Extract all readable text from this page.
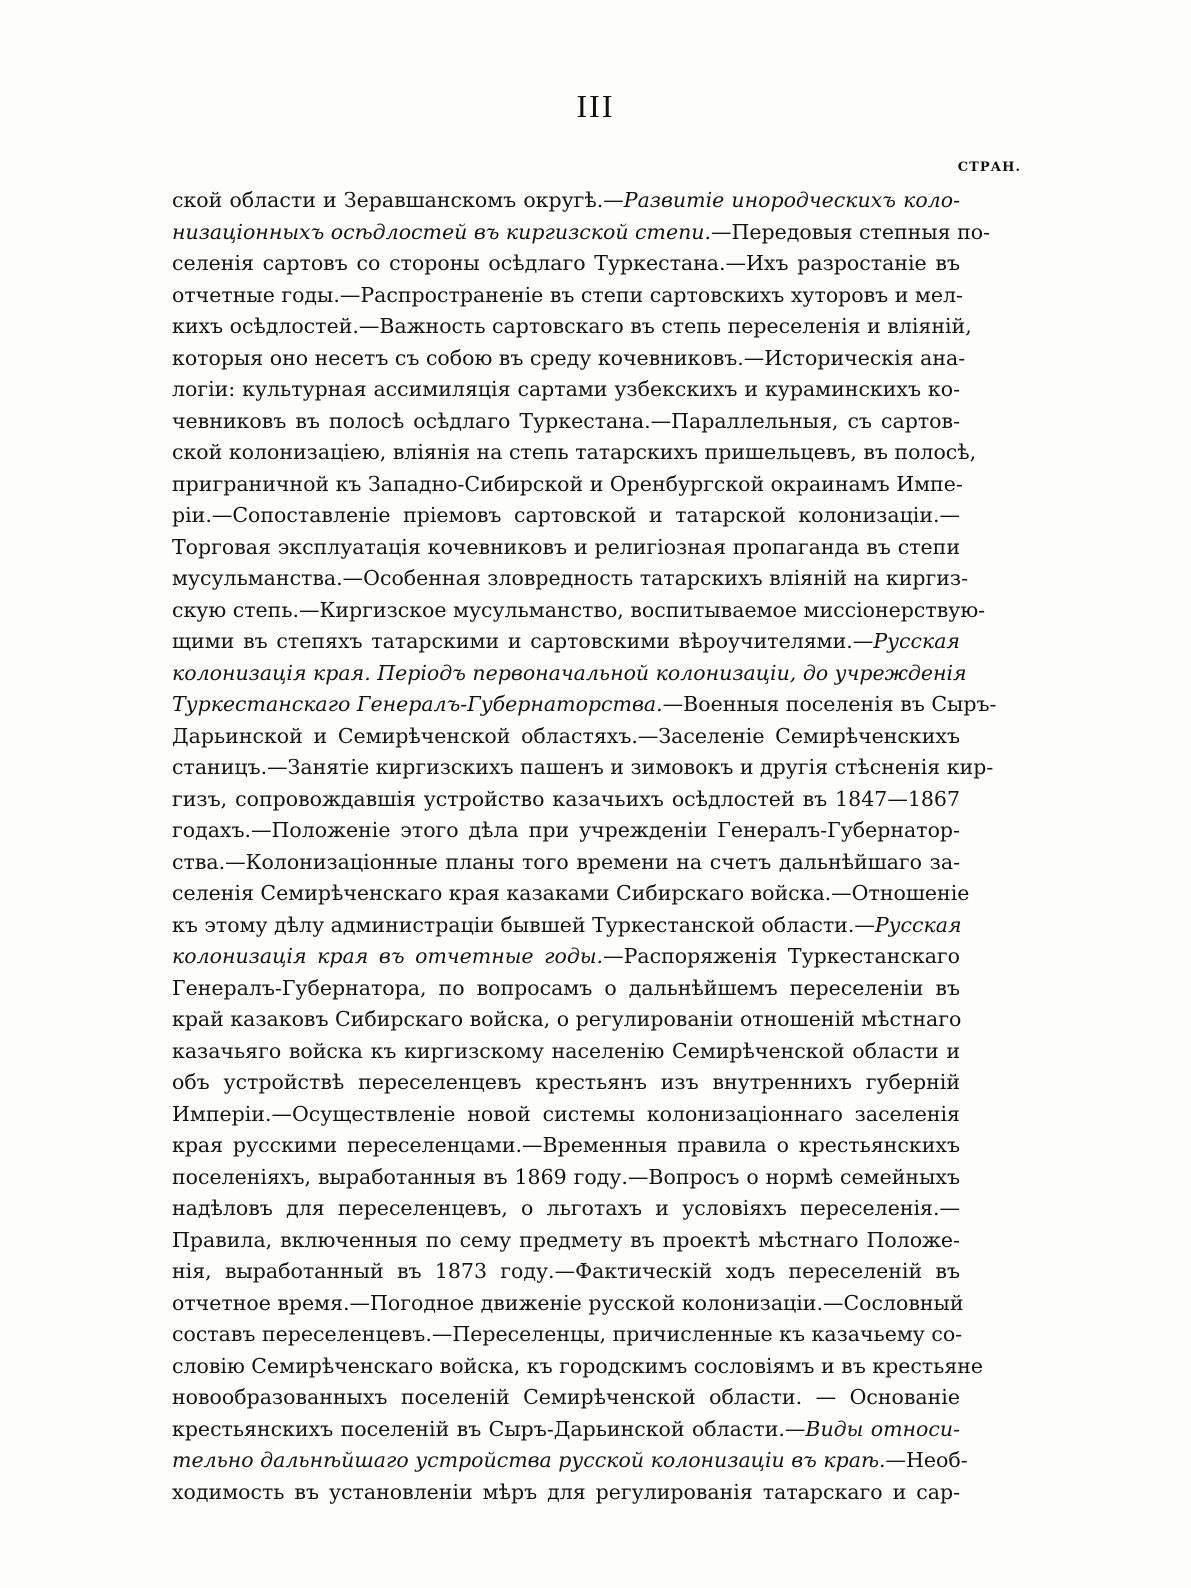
III
СТРАН.
ской области и Зеравшанскомъ округѣ.—Развитіе инородческихъ коло-
низаціонныхъ осѣдлостей въ киргизской степи.—Передовыя степныя по-
селенія сартовъ со стороны осѣдлаго Туркестана.—Ихъ разростаніе въ
отчетные годы.—Распространеніе въ степи сартовскихъ хуторовъ и мел-
кихъ осѣдлостей.—Важность сартовскаго въ степь переселенія и вліяній,
которыя оно несетъ съ собою въ среду кочевниковъ.—Историческія ана-
логіи: культурная ассимиляція сартами узбекскихъ и кураминскихъ ко-
чевниковъ въ полосѣ осѣдлаго Туркестана.—Параллельныя, съ сартов-
ской колонизаціею, вліянія на степь татарскихъ пришельцевъ, въ полосѣ,
приграничной къ Западно-Сибирской и Оренбургской окраинамъ Импе-
ріи.—Сопоставленіе пріемовъ сартовской и татарской колонизаціи.—
Торговая эксплуатація кочевниковъ и религіозная пропаганда въ степи
мусульманства.—Особенная зловредность татарскихъ вліяній на киргиз-
скую степь.—Киргизское мусульманство, воспитываемое миссіонерствую-
щими въ степяхъ татарскими и сартовскими вѣроучителями.—Русская
колонизація края. Періодъ первоначальной колонизаціи, до учрежденія
Туркестанскаго Генералъ-Губернаторства.—Военныя поселенія въ Сыръ-
Дарьинской и Семирѣченской областяхъ.—Заселеніе Семирѣченскихъ
станицъ.—Занятіе киргизскихъ пашенъ и зимовокъ и другія стѣсненія кир-
гизъ, сопровождавшія устройство казачьихъ осѣдлостей въ 1847—1867
годахъ.—Положеніе этого дѣла при учрежденіи Генералъ-Губернатор-
ства.—Колонизаціонные планы того времени на счетъ дальнѣйшаго за-
селенія Семирѣченскаго края казаками Сибирскаго войска.—Отношеніе
къ этому дѣлу администраціи бывшей Туркестанской области.—Русская
колонизація края въ отчетные годы.—Распоряженія Туркестанскаго
Генералъ-Губернатора, по вопросамъ о дальнѣйшемъ переселеніи въ
край казаковъ Сибирскаго войска, о регулированіи отношеній мѣстнаго
казачьяго войска къ киргизскому населенію Семирѣченской области и
объ устройствѣ переселенцевъ крестьянъ изъ внутреннихъ губерній
Имперіи.—Осуществленіе новой системы колонизаціоннаго заселенія
края русскими переселенцами.—Временныя правила о крестьянскихъ
поселеніяхъ, выработанныя въ 1869 году.—Вопросъ о нормѣ семейныхъ
надѣловъ для переселенцевъ, о льготахъ и условіяхъ переселенія.—
Правила, включенныя по сему предмету въ проектѣ мѣстнаго Положе-
нія, выработанный въ 1873 году.—Фактическій ходъ переселеній въ
отчетное время.—Погодное движеніе русской колонизаціи.—Сословный
составъ переселенцевъ.—Переселенцы, причисленные къ казачьему со-
словію Семирѣченскаго войска, къ городскимъ сословіямъ и въ крестьяне
новообразованныхъ поселеній Семирѣченской области. — Основаніе
крестьянскихъ поселеній въ Сыръ-Дарьинской области.—Виды относи-
тельно дальнѣйшаго устройства русской колонизаціи въ краѣ.—Необ-
ходимость въ установленіи мѣръ для регулированія татарскаго и сар-
